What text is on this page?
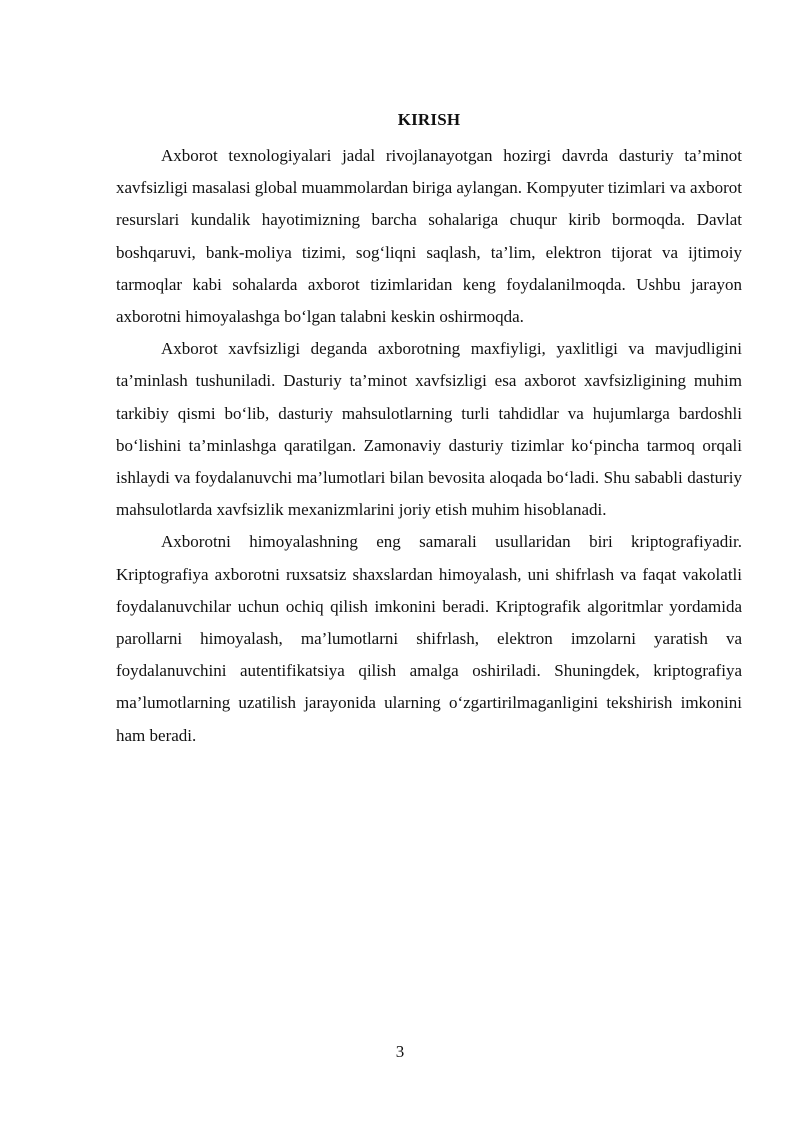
KIRISH

Axborot texnologiyalari jadal rivojlanayotgan hozirgi davrda dasturiy ta’minot xavfsizligi masalasi global muammolardan biriga aylangan. Kompyuter tizimlari va axborot resurslari kundalik hayotimizning barcha sohalariga chuqur kirib bormoqda. Davlat boshqaruvi, bank-moliya tizimi, sog‘liqni saqlash, ta’lim, elektron tijorat va ijtimoiy tarmoqlar kabi sohalarda axborot tizimlaridan keng foydalanilmoqda. Ushbu jarayon axborotni himoyalashga bo‘lgan talabni keskin oshirmoqda.

Axborot xavfsizligi deganda axborotning maxfiyligi, yaxlitligi va mavjudligini ta’minlash tushuniladi. Dasturiy ta’minot xavfsizligi esa axborot xavfsizligining muhim tarkibiy qismi bo‘lib, dasturiy mahsulotlarning turli tahdidlar va hujumlarga bardoshli bo‘lishini ta’minlashga qaratilgan. Zamonaviy dasturiy tizimlar ko‘pincha tarmoq orqali ishlaydi va foydalanuvchi ma’lumotlari bilan bevosita aloqada bo‘ladi. Shu sababli dasturiy mahsulotlarda xavfsizlik mexanizmlarini joriy etish muhim hisoblanadi.

Axborotni himoyalashning eng samarali usullaridan biri kriptografiyadir. Kriptografiya axborotni ruxsatsiz shaxslardan himoyalash, uni shifrlash va faqat vakolatli foydalanuvchilar uchun ochiq qilish imkonini beradi. Kriptografik algoritmlar yordamida parollarni himoyalash, ma’lumotlarni shifrlash, elektron imzolarni yaratish va foydalanuvchini autentifikatsiya qilish amalga oshiriladi. Shuningdek, kriptografiya ma’lumotlarning uzatilish jarayonida ularning o‘zgartirilmaganligini tekshirish imkonini ham beradi.

3
